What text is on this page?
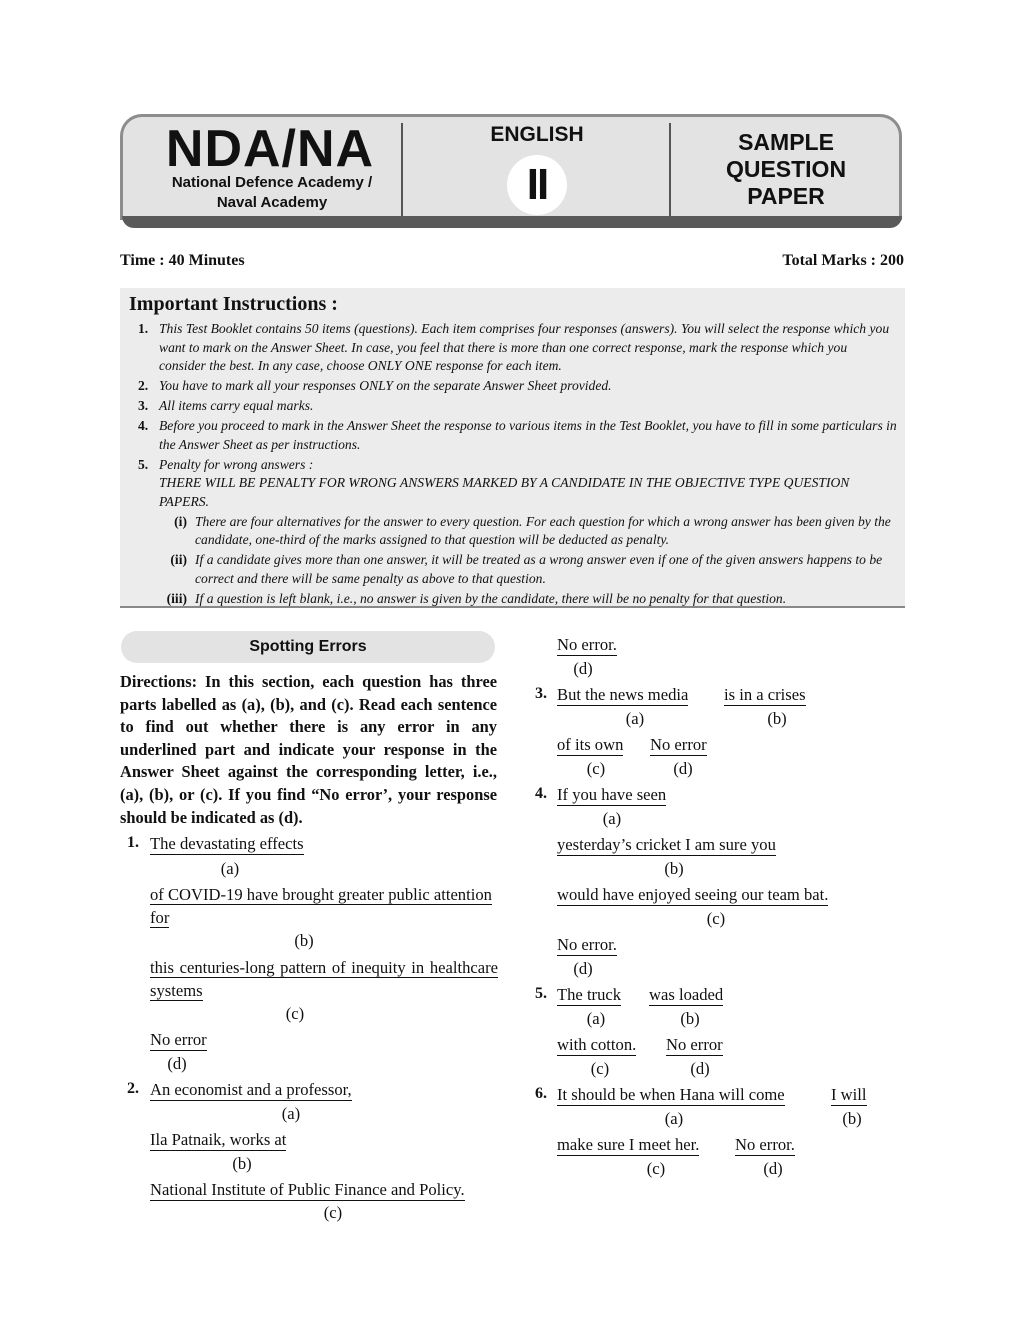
NDA/NA
National Defence Academy /
Naval Academy
ENGLISH
II
SAMPLE
QUESTION
PAPER
Time : 40 Minutes	Total Marks : 200
Important Instructions :
1. This Test Booklet contains 50 items (questions). Each item comprises four responses (answers). You will select the response which you want to mark on the Answer Sheet. In case, you feel that there is more than one correct response, mark the response which you consider the best. In any case, choose ONLY ONE response for each item.
2. You have to mark all your responses ONLY on the separate Answer Sheet provided.
3. All items carry equal marks.
4. Before you proceed to mark in the Answer Sheet the response to various items in the Test Booklet, you have to fill in some particulars in the Answer Sheet as per instructions.
5. Penalty for wrong answers :
THERE WILL BE PENALTY FOR WRONG ANSWERS MARKED BY A CANDIDATE IN THE OBJECTIVE TYPE QUESTION PAPERS.
(i) There are four alternatives for the answer to every question. For each question for which a wrong answer has been given by the candidate, one-third of the marks assigned to that question will be deducted as penalty.
(ii) If a candidate gives more than one answer, it will be treated as a wrong answer even if one of the given answers happens to be correct and there will be same penalty as above to that question.
(iii) If a question is left blank, i.e., no answer is given by the candidate, there will be no penalty for that question.
Spotting Errors
Directions: In this section, each question has three parts labelled as (a), (b), and (c). Read each sentence to find out whether there is any error in any underlined part and indicate your response in the Answer Sheet against the corresponding letter, i.e., (a), (b), or (c). If you find “No error’, your response should be indicated as (d).
1. The devastating effects
(a)
of COVID-19 have brought greater public attention for
(b)
this centuries-long pattern of inequity in healthcare systems
(c)
No error
(d)
2. An economist and a professor,
(a)
Ila Patnaik, works at
(b)
National Institute of Public Finance and Policy.
(c)
No error.
(d)
3. But the news media
(a)
is in a crises
(b)
of its own
(c)
No error
(d)
4. If you have seen
(a)
yesterday’s cricket I am sure you
(b)
would have enjoyed seeing our team bat.
(c)
No error.
(d)
5. The truck
(a)
was loaded
(b)
with cotton.
(c)
No error
(d)
6. It should be when Hana will come
(a)
I will
(b)
make sure I meet her.
(c)
No error.
(d)
